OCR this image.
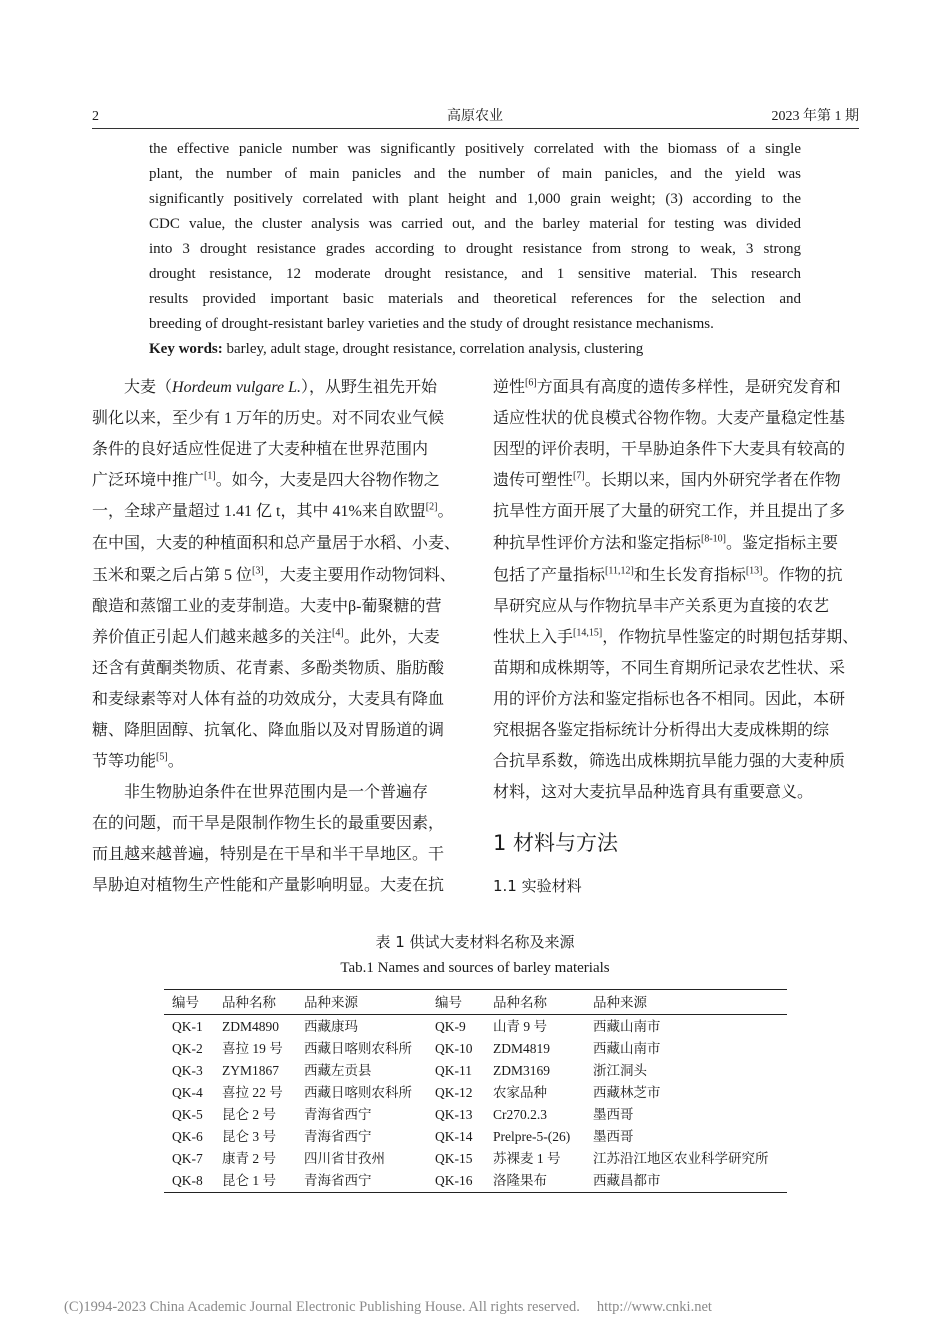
2	高原农业	2023 年第 1 期
the effective panicle number was significantly positively correlated with the biomass of a single
plant, the number of main panicles and the number of main panicles, and the yield was
significantly positively correlated with plant height and 1,000 grain weight; (3) according to the
CDC value, the cluster analysis was carried out, and the barley material for testing was divided
into 3 drought resistance grades according to drought resistance from strong to weak, 3 strong
drought resistance, 12 moderate drought resistance, and 1 sensitive material. This research
results provided important basic materials and theoretical references for the selection and
breeding of drought-resistant barley varieties and the study of drought resistance mechanisms.
Key words: barley, adult stage, drought resistance, correlation analysis, clustering
大麦（Hordeum vulgare L.），从野生祖先开始
驯化以来，至少有 1 万年的历史。对不同农业气候
条件的良好适应性促进了大麦种植在世界范围内
广泛环境中推广[1]。如今，大麦是四大谷物作物之
一，全球产量超过 1.41 亿 t，其中 41%来自欧盟[2]。
在中国，大麦的种植面积和总产量居于水稻、小麦、
玉米和粟之后占第 5 位[3]，大麦主要用作动物饲料、
酿造和蒸馏工业的麦芽制造。大麦中β-葡聚糖的营
养价值正引起人们越来越多的关注[4]。此外，大麦
还含有黄酮类物质、花青素、多酚类物质、脂肪酸
和麦绿素等对人体有益的功效成分，大麦具有降血
糖、降胆固醇、抗氧化、降血脂以及对胃肠道的调
节等功能[5]。
非生物胁迫条件在世界范围内是一个普遍存
在的问题，而干旱是限制作物生长的最重要因素，
而且越来越普遍，特别是在干旱和半干旱地区。干
旱胁迫对植物生产性能和产量影响明显。大麦在抗
逆性[6]方面具有高度的遗传多样性，是研究发育和
适应性状的优良模式谷物作物。大麦产量稳定性基
因型的评价表明，干旱胁迫条件下大麦具有较高的
遗传可塑性[7]。长期以来，国内外研究学者在作物
抗旱性方面开展了大量的研究工作，并且提出了多
种抗旱性评价方法和鉴定指标[8-10]。鉴定指标主要
包括了产量指标[11,12]和生长发育指标[13]。作物的抗
旱研究应从与作物抗旱丰产关系更为直接的农艺
性状上入手[14,15]，作物抗旱性鉴定的时期包括芽期、
苗期和成株期等，不同生育期所记录农艺性状、采
用的评价方法和鉴定指标也各不相同。因此，本研
究根据各鉴定指标统计分析得出大麦成株期的综
合抗旱系数，筛选出成株期抗旱能力强的大麦种质
材料，这对大麦抗旱品种选育具有重要意义。
1 材料与方法
1.1 实验材料
表 1 供试大麦材料名称及来源
Tab.1 Names and sources of barley materials
编号 品种名称 品种来源	编号 品种名称	品种来源
QK-1 ZDM4890 西藏康玛	QK-9 山青 9 号	西藏山南市
QK-2 喜拉 19 号 西藏日喀则农科所 QK-10 ZDM4819	西藏山南市
QK-3 ZYM1867 西藏左贡县	QK-11 ZDM3169	浙江洞头
QK-4 喜拉 22 号 西藏日喀则农科所 QK-12 农家品种	西藏林芝市
QK-5 昆仑 2 号 青海省西宁	QK-13 Cr270.2.3	墨西哥
QK-6 昆仑 3 号 青海省西宁	QK-14 Prelpre-5-(26) 墨西哥
QK-7 康青 2 号 四川省甘孜州	QK-15 苏裸麦 1 号 江苏沿江地区农业科学研究所
QK-8 昆仑 1 号 青海省西宁	QK-16 洛隆果布	西藏昌都市
(C)1994-2023 China Academic Journal Electronic Publishing House. All rights reserved. http://www.cnki.net
